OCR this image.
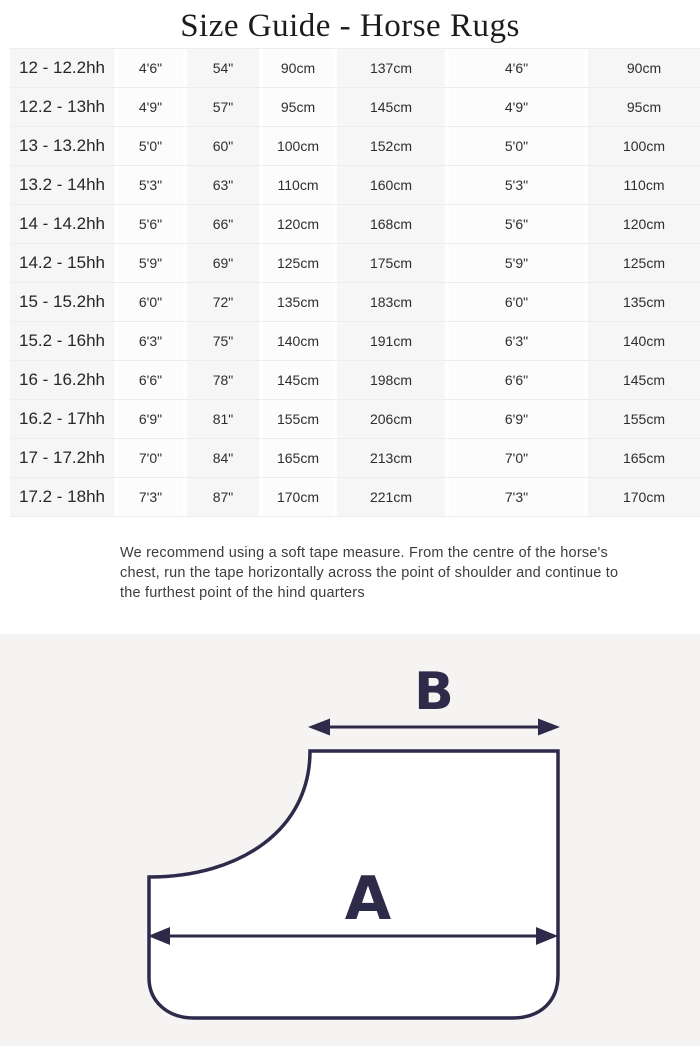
Size Guide - Horse Rugs
12 - 12.2hh	4'6"	54"	90cm	137cm	4'6"	90cm
12.2 - 13hh	4'9"	57"	95cm	145cm	4'9"	95cm
13 - 13.2hh	5'0"	60"	100cm	152cm	5'0"	100cm
13.2 - 14hh	5'3"	63"	110cm	160cm	5'3"	110cm
14 - 14.2hh	5'6"	66"	120cm	168cm	5'6"	120cm
14.2 - 15hh	5'9"	69"	125cm	175cm	5'9"	125cm
15 - 15.2hh	6'0"	72"	135cm	183cm	6'0"	135cm
15.2 - 16hh	6'3"	75"	140cm	191cm	6'3"	140cm
16 - 16.2hh	6'6"	78"	145cm	198cm	6'6"	145cm
16.2 - 17hh	6'9"	81"	155cm	206cm	6'9"	155cm
17 - 17.2hh	7'0"	84"	165cm	213cm	7'0"	165cm
17.2 - 18hh	7'3"	87"	170cm	221cm	7'3"	170cm

We recommend using a soft tape measure. From the centre of the horse's chest, run the tape horizontally across the point of shoulder and continue to the furthest point of the hind quarters

B
A
